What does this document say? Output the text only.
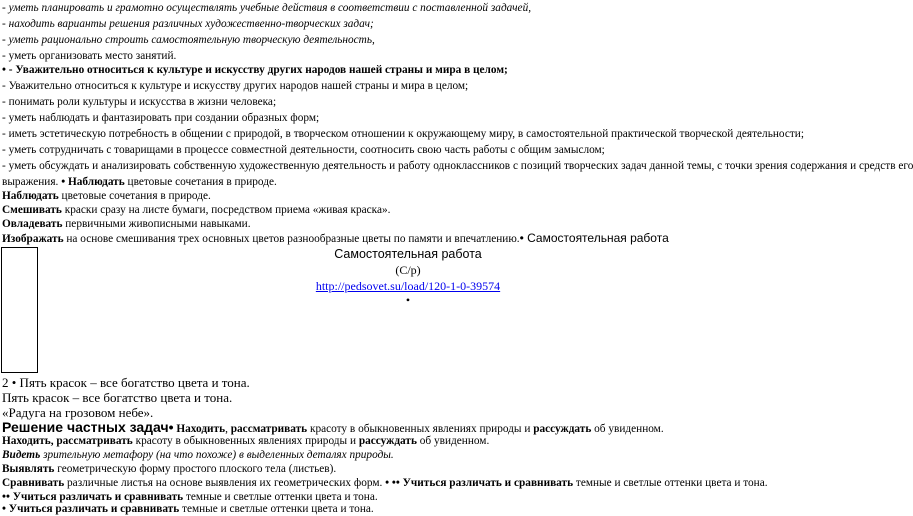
- уметь планировать и грамотно осуществлять учебные действия в соответствии с поставленной задачей,
- находить варианты решения различных художественно-творческих задач;
- уметь рационально строить самостоятельную творческую деятельность,
- уметь организовать место занятий.
• - Уважительно относиться к культуре и искусству других народов нашей страны и мира в целом;
- Уважительно относиться к культуре и искусству других народов нашей страны и мира в целом;
- понимать роли культуры и искусства в жизни человека;
- уметь наблюдать и фантазировать при создании образных форм;
- иметь эстетическую потребность в общении с природой, в творческом отношении к окружающему миру, в самостоятельной практической творческой деятельности;
- уметь сотрудничать с товарищами в процессе совместной деятельности, соотносить свою часть работы с общим замыслом;
- уметь обсуждать и анализировать собственную художественную деятельность и работу одноклассников с позиций творческих задач данной темы, с точки зрения содержания и средств его
выражения. • Наблюдать цветовые сочетания в природе.
Наблюдать цветовые сочетания в природе.
Смешивать краски сразу на листе бумаги, посредством приема «живая краска».
Овладевать первичными живописными навыками.
Изображать на основе смешивания трех основных цветов разнообразные цветы по памяти и впечатлению.• Самостоятельная работа
Самостоятельная работа
(С/р)
http://pedsovet.su/load/120-1-0-39574
•
2 • Пять красок – все богатство цвета и тона.
Пять красок – все богатство цвета и тона.
«Радуга на грозовом небе».
Решение частных задач• Находить, рассматривать красоту в обыкновенных явлениях природы и рассуждать об увиденном.
Находить, рассматривать красоту в обыкновенных явлениях природы и рассуждать об увиденном.
Видеть зрительную метафору (на что похоже) в выделенных деталях природы.
Выявлять геометрическую форму простого плоского тела (листьев).
Сравнивать различные листья на основе выявления их геометрических форм. • •• Учиться различать и сравнивать темные и светлые оттенки цвета и тона.
•• Учиться различать и сравнивать темные и светлые оттенки цвета и тона.
• Учиться различать и сравнивать темные и светлые оттенки цвета и тона.
